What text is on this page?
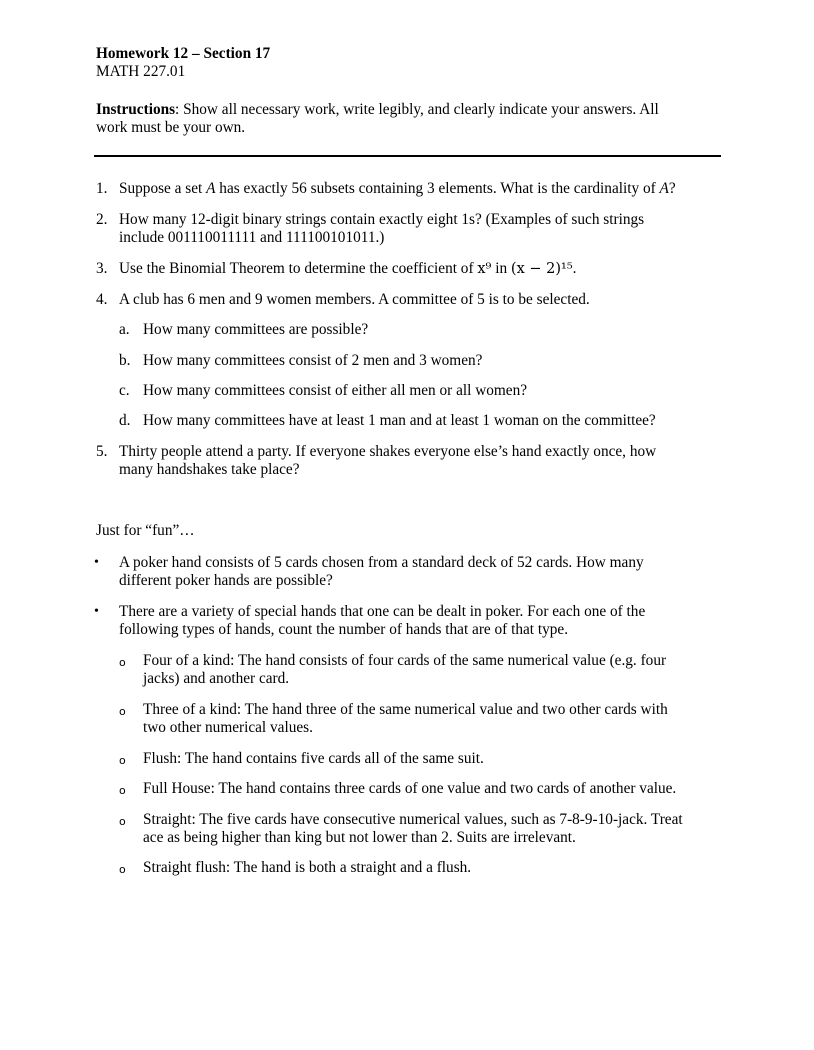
Homework 12 – Section 17
MATH 227.01
Instructions: Show all necessary work, write legibly, and clearly indicate your answers. All
work must be your own.
1. Suppose a set A has exactly 56 subsets containing 3 elements. What is the cardinality of A?
2. How many 12-digit binary strings contain exactly eight 1s? (Examples of such strings
include 001110011111 and 111100101011.)
3. Use the Binomial Theorem to determine the coefficient of x⁹ in (x − 2)¹⁵.
4. A club has 6 men and 9 women members. A committee of 5 is to be selected.
a. How many committees are possible?
b. How many committees consist of 2 men and 3 women?
c. How many committees consist of either all men or all women?
d. How many committees have at least 1 man and at least 1 woman on the committee?
5. Thirty people attend a party. If everyone shakes everyone else’s hand exactly once, how
many handshakes take place?
Just for “fun”…
•	A poker hand consists of 5 cards chosen from a standard deck of 52 cards. How many
different poker hands are possible?
•	There are a variety of special hands that one can be dealt in poker. For each one of the
following types of hands, count the number of hands that are of that type.
o	Four of a kind: The hand consists of four cards of the same numerical value (e.g. four
jacks) and another card.
o	Three of a kind: The hand three of the same numerical value and two other cards with
two other numerical values.
o	Flush: The hand contains five cards all of the same suit.
o	Full House: The hand contains three cards of one value and two cards of another value.
o	Straight: The five cards have consecutive numerical values, such as 7-8-9-10-jack. Treat
ace as being higher than king but not lower than 2. Suits are irrelevant.
o	Straight flush: The hand is both a straight and a flush.
